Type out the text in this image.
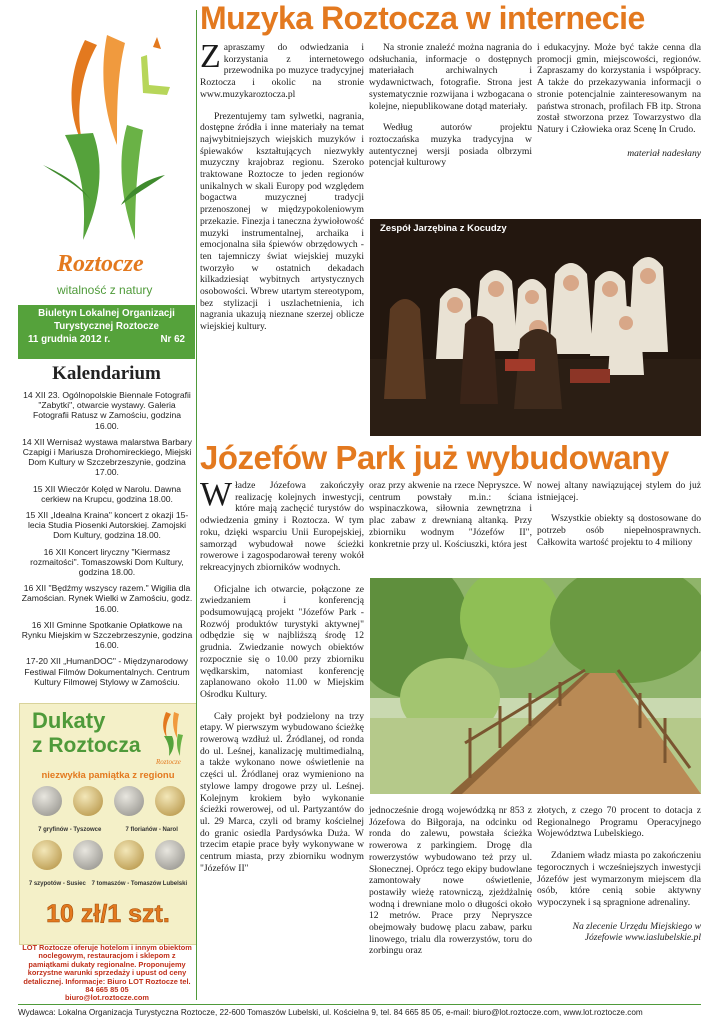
Roztocze
witalność z natury
Biuletyn Lokalnej Organizacji
Turystycznej Roztocze
11 grudnia 2012 r.	Nr 62
Kalendarium
14 XII 23. Ogólnopolskie Biennale Fotografii "Zabytki", otwarcie wystawy. Galeria Fotografii Ratusz w Zamościu, godzina 16.00.
14 XII Wernisaż wystawa malarstwa Barbary Czapigi i Mariusza Drohomireckiego, Miejski Dom Kultury w Szczebrzeszynie, godzina 17.00.
15 XII Wieczór Kolęd w Narolu. Dawna cerkiew na Krupcu, godzina 18.00.
15 XII „Idealna Kraina" koncert z okazji 15-lecia Studia Piosenki Autorskiej. Zamojski Dom Kultury, godzina 18.00.
16 XII Koncert liryczny "Kiermasz rozmaitości". Tomaszowski Dom Kultury, godzina 18.00.
16 XII "Będźmy wszyscy razem." Wigilia dla Zamościan. Rynek Wielki w Zamościu, godz. 16.00.
16 XII Gminne Spotkanie Opłatkowe na Rynku Miejskim w Szczebrzeszynie, godzina 16.00.
17-20 XII „HumanDOC" - Międzynarodowy Festiwal Filmów Dokumentalnych. Centrum Kultury Filmowej Stylowy w Zamościu.
Dukaty
z Roztocza
Roztocze
niezwykła pamiątka z regionu
7 gryfinów - Tyszowce	7 floriańów - Narol
7 szypotów - Susiec 7 tomaszów - Tomaszów Lubelski
10 zł/1 szt.
LOT Roztocze oferuje hotelom i innym obiektom noclegowym, restauracjom i sklepom z pamiątkami dukaty regionalne. Proponujemy korzystne warunki sprzedaży i upust od ceny detalicznej. Informacje: Biuro LOT Roztocze tel. 84 665 85 05
biuro@lot.roztocze.com
Muzyka Roztocza w internecie

Zapraszamy do odwiedzania i korzystania z internetowego przewodnika po muzyce tradycyjnej Roztocza i okolic na stronie www.muzykaroztocza.pl

Prezentujemy tam sylwetki, nagrania, dostępne źródła i inne materiały na temat najwybitniejszych wiejskich muzyków i śpiewaków kształtujących niezwykły muzyczny krajobraz regionu. Szeroko traktowane Roztocze to jeden regionów unikalnych w skali Europy pod względem bogactwa muzycznej tradycji przenoszonej w międzypokoleniowym przekazie. Finezja i taneczna żywiołowość muzyki instrumentalnej, archaika i emocjonalna siła śpiewów obrzędowych - ten tajemniczy świat wiejskiej muzyki tworzyło w ostatnich dekadach kilkadziesiąt wybitnych artystycznych osobowości. Wbrew utartym stereotypom, bez stylizacji i uszlachetnienia, ich nagrania ukazują nieznane szerzej oblicze wiejskiej kultury.

Na stronie znaleźć można nagrania do odsłuchania, informacje o dostępnych materiałach archiwalnych i wydawnictwach, fotografie. Strona jest systematycznie rozwijana i wzbogacana o kolejne, niepublikowane dotąd materiały.

Według autorów projektu roztoczańska muzyka tradycyjna w autentycznej wersji posiada olbrzymi potencjał kulturowy

i edukacyjny. Może być także cenna dla promocji gmin, miejscowości, regionów. Zapraszamy do korzystania i współpracy. A także do przekazywania informacji o stronie potencjalnie zainteresowanym na państwa stronach, profilach FB itp. Strona został stworzona przez Towarzystwo dla Natury i Człowieka oraz Scenę In Crudo.

materiał nadesłany

Zespół Jarzębina z Kocudzy
Józefów Park już wybudowany

Władze Józefowa zakończyły realizację kolejnych inwestycji, które mają zachęcić turystów do odwiedzenia gminy i Roztocza. W tym roku, dzięki wsparciu Unii Europejskiej, samorząd wybudował nowe ścieżki rowerowe i zagospodarował tereny wokół rekreacyjnych zbiorników wodnych.

Oficjalne ich otwarcie, połączone ze zwiedzaniem i konferencją podsumowującą projekt "Józefów Park - Rozwój produktów turystyki aktywnej" odbędzie się w najbliższą środę 12 grudnia. Zwiedzanie nowych obiektów rozpocznie się o 10.00 przy zbiorniku wędkarskim, natomiast konferencję zaplanowano około 11.00 w Miejskim Ośrodku Kultury.

Cały projekt był podzielony na trzy etapy. W pierwszym wybudowano ścieżkę rowerową wzdłuż ul. Źródlanej, od ronda do ul. Leśnej, kanalizację multimedialną, a także wykonano nowe oświetlenie na części ul. Źródlanej oraz wymieniono na stylowe lampy drogowe przy ul. Leśnej. Kolejnym krokiem było wykonanie ścieżki rowerowej, od ul. Partyzantów do ul. 29 Marca, czyli od bramy kościelnej do granic osiedla Pardysówka Duża. W trzecim etapie prace były wykonywane w centrum miasta, przy zbiorniku wodnym "Józefów II"

oraz przy akwenie na rzece Nepryszce. W centrum powstały m.in.: ściana wspinaczkowa, siłownia zewnętrzna i plac zabaw z drewnianą altanką. Przy zbiorniku wodnym "Józefów II", konkretnie przy ul. Kościuszki, która jest

nowej altany nawiązującej stylem do już istniejącej.

Wszystkie obiekty są dostosowane do potrzeb osób niepełnosprawnych. Całkowita wartość projektu to 4 miliony

jednocześnie drogą wojewódzką nr 853 z Józefowa do Biłgoraja, na odcinku od ronda do zalewu, powstała ścieżka rowerowa z parkingiem. Drogę dla rowerzystów wybudowano też przy ul. Słonecznej. Oprócz tego ekipy budowlane zamontowały nowe oświetlenie, postawiły wieżę ratowniczą, zjeżdżalnię wodną i drewniane molo o długości około 12 metrów. Prace przy Nepryszce obejmowały budowę placu zabaw, parku linowego, trialu dla rowerzystów, toru do zorbingu oraz

złotych, z czego 70 procent to dotacja z Regionalnego Programu Operacyjnego Województwa Lubelskiego.

Zdaniem władz miasta po zakończeniu tegorocznych i wcześniejszych inwestycji Józefów jest wymarzonym miejscem dla osób, które cenią sobie aktywny wypoczynek i są spragnione adrenaliny.

Na zlecenie Urzędu Miejskiego w

Józefowie www.iaslubelskie.pl

Wydawca: Lokalna Organizacja Turystyczna Roztocze, 22-600 Tomaszów Lubelski, ul. Kościelna 9, tel. 84 665 85 05, e-mail: biuro@lot.roztocze.com, www.lot.roztocze.com
